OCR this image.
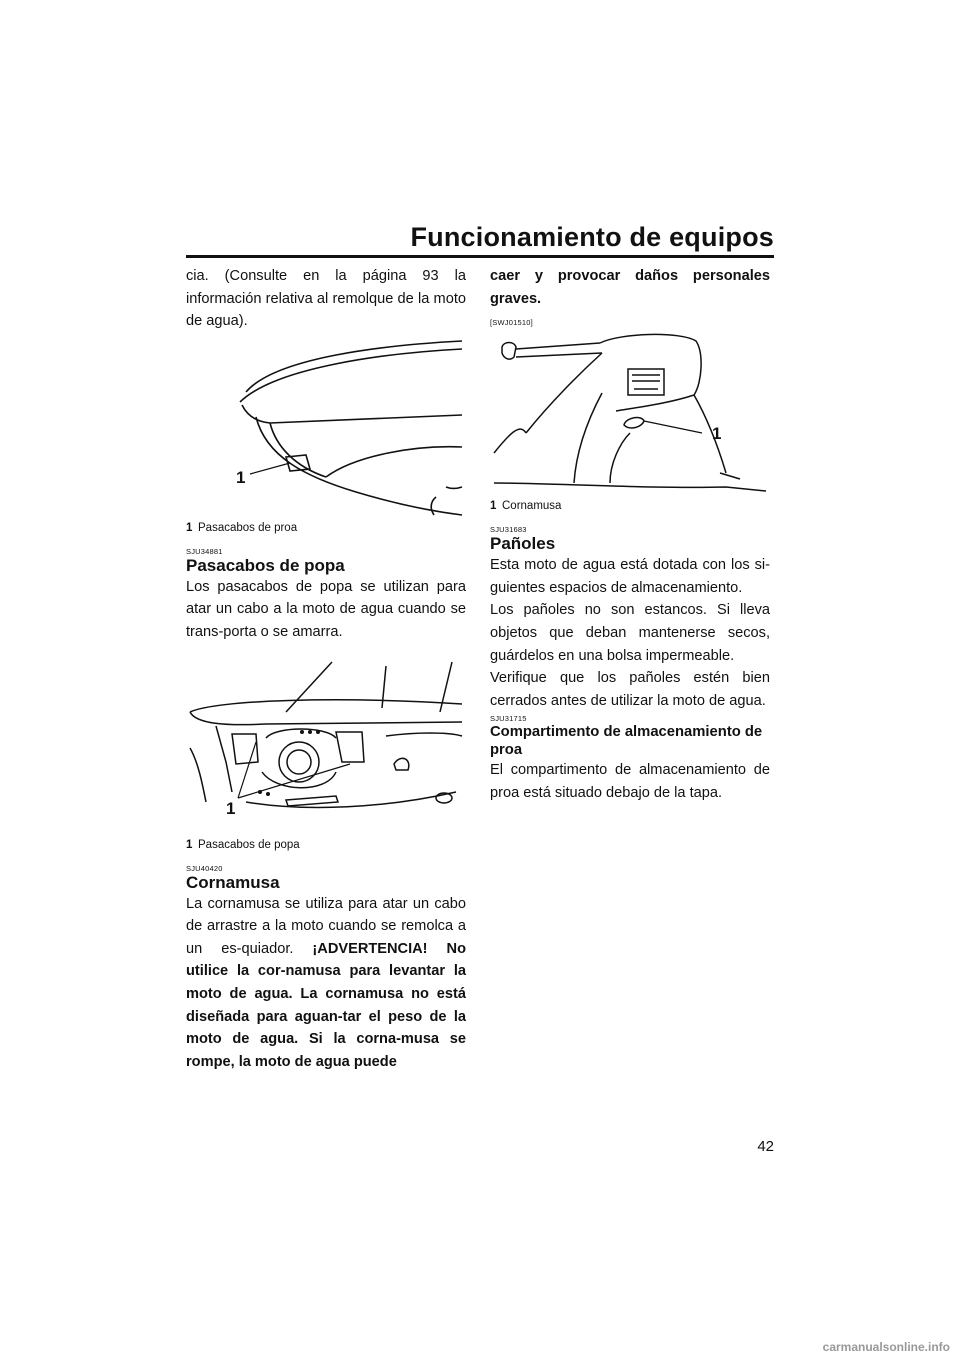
Funcionamiento de equipos

cia. (Consulte en la página 93 la información relativa al remolque de la moto de agua).

1

1 Pasacabos de proa

SJU34881

Pasacabos de popa

Los pasacabos de popa se utilizan para atar un cabo a la moto de agua cuando se trans-porta o se amarra.

1

1 Pasacabos de popa

SJU40420

Cornamusa

La cornamusa se utiliza para atar un cabo de arrastre a la moto cuando se remolca a un es-quiador. ¡ADVERTENCIA! No utilice la cor-namusa para levantar la moto de agua. La cornamusa no está diseñada para aguan-tar el peso de la moto de agua. Si la corna-musa se rompe, la moto de agua puede

caer y provocar daños personales graves.

[SWJ01510]

1

1 Cornamusa

SJU31683

Pañoles

Esta moto de agua está dotada con los si-guientes espacios de almacenamiento.

Los pañoles no son estancos. Si lleva objetos que deban mantenerse secos, guárdelos en una bolsa impermeable.

Verifique que los pañoles estén bien cerrados antes de utilizar la moto de agua.

SJU31715

Compartimento de almacenamiento de proa

El compartimento de almacenamiento de proa está situado debajo de la tapa.

42
carmanualsonline.info
